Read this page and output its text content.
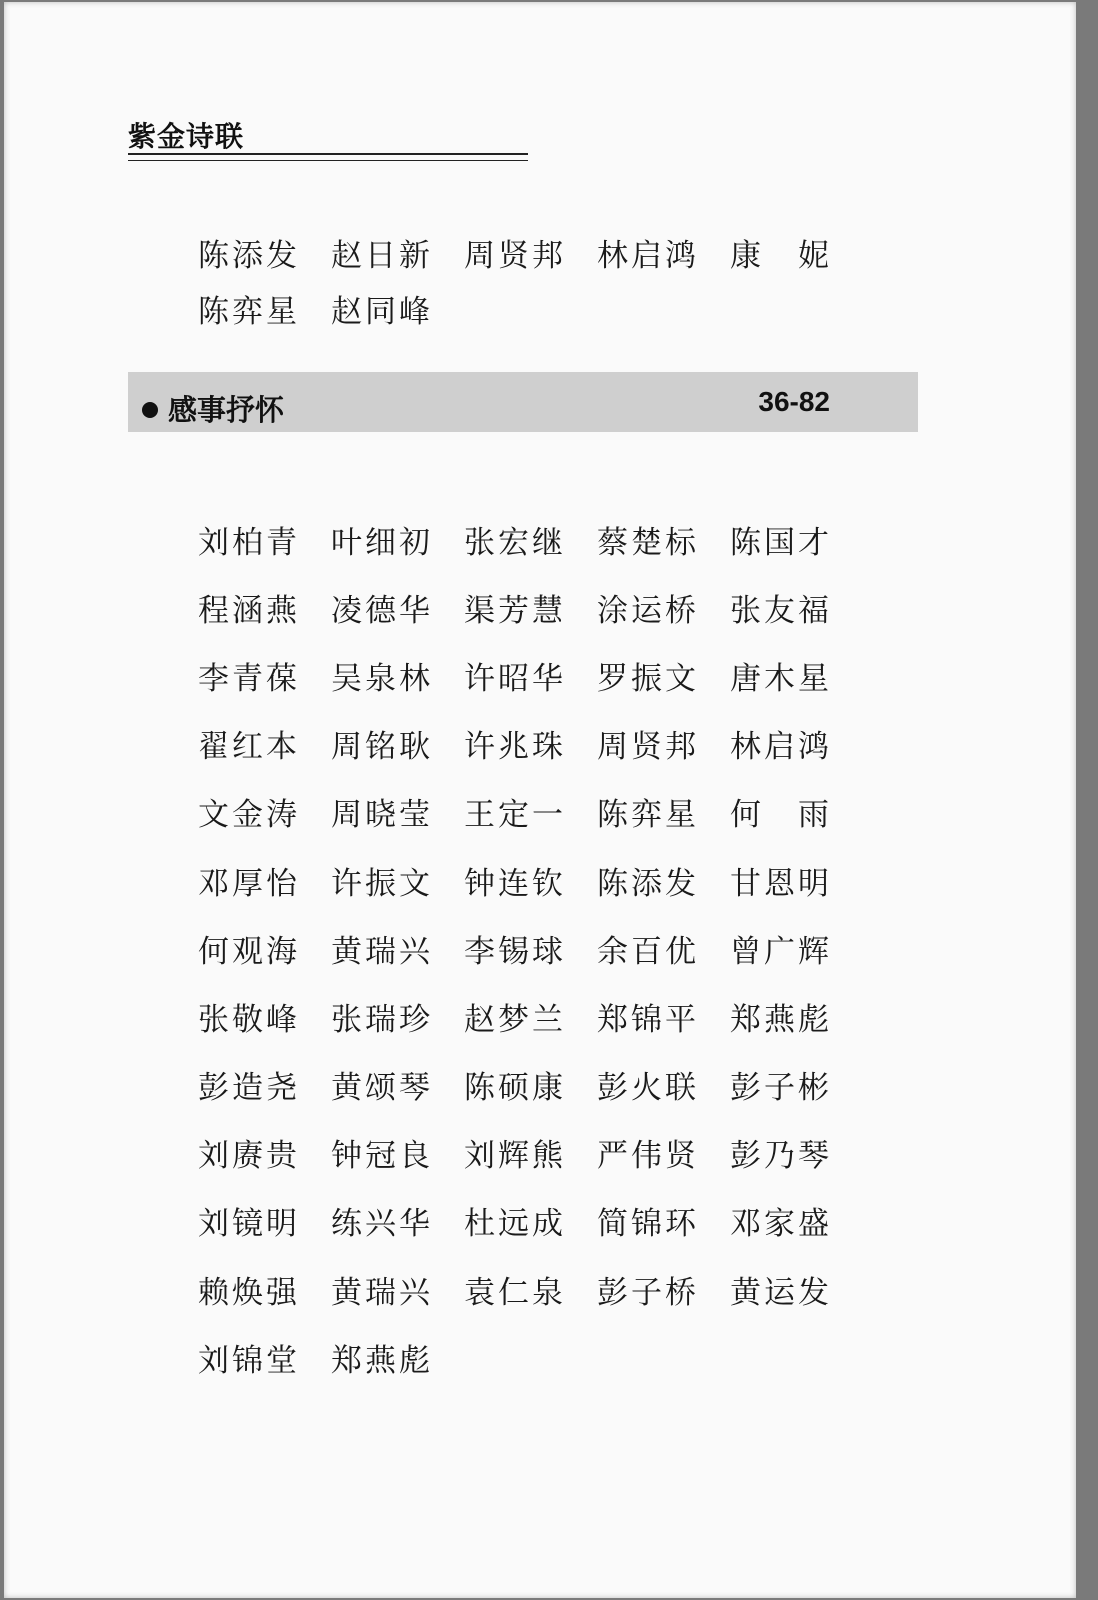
紫金诗联
陈添发	赵日新	周贤邦	林启鸿	康　妮
陈弈星	赵同峰
感事抒怀	36-82
刘柏青	叶细初	张宏继	蔡楚标	陈国才
程涵燕	凌德华	渠芳慧	涂运桥	张友福
李青葆	吴泉林	许昭华	罗振文	唐木星
翟红本	周铭耿	许兆珠	周贤邦	林启鸿
文金涛	周晓莹	王定一	陈弈星	何　雨
邓厚怡	许振文	钟连钦	陈添发	甘恩明
何观海	黄瑞兴	李锡球	余百优	曾广辉
张敬峰	张瑞珍	赵梦兰	郑锦平	郑燕彪
彭造尧	黄颂琴	陈硕康	彭火联	彭子彬
刘赓贵	钟冠良	刘辉熊	严伟贤	彭乃琴
刘镜明	练兴华	杜远成	简锦环	邓家盛
赖焕强	黄瑞兴	袁仁泉	彭子桥	黄运发
刘锦堂	郑燕彪
